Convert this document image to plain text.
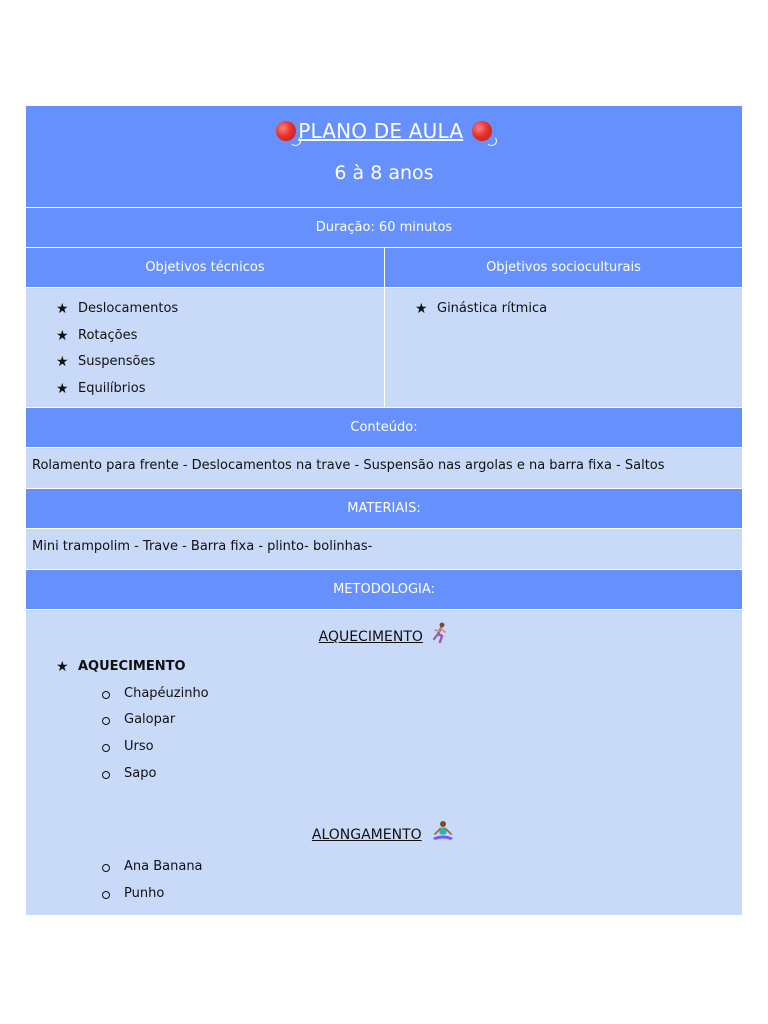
PLANO DE AULA
6 à 8 anos
Duração: 60 minutos
Objetivos técnicos	Objetivos socioculturais
★ Deslocamentos
★ Rotações
★ Suspensões
★ Equilíbrios
★ Ginástica rítmica
Conteúdo:
Rolamento para frente - Deslocamentos na trave - Suspensão nas argolas e na barra fixa - Saltos
MATERIAIS:
Mini trampolim - Trave - Barra fixa - plinto- bolinhas-
METODOLOGIA:
AQUECIMENTO
★ AQUECIMENTO
Chapéuzinho
Galopar
Urso
Sapo
ALONGAMENTO
Ana Banana
Punho
